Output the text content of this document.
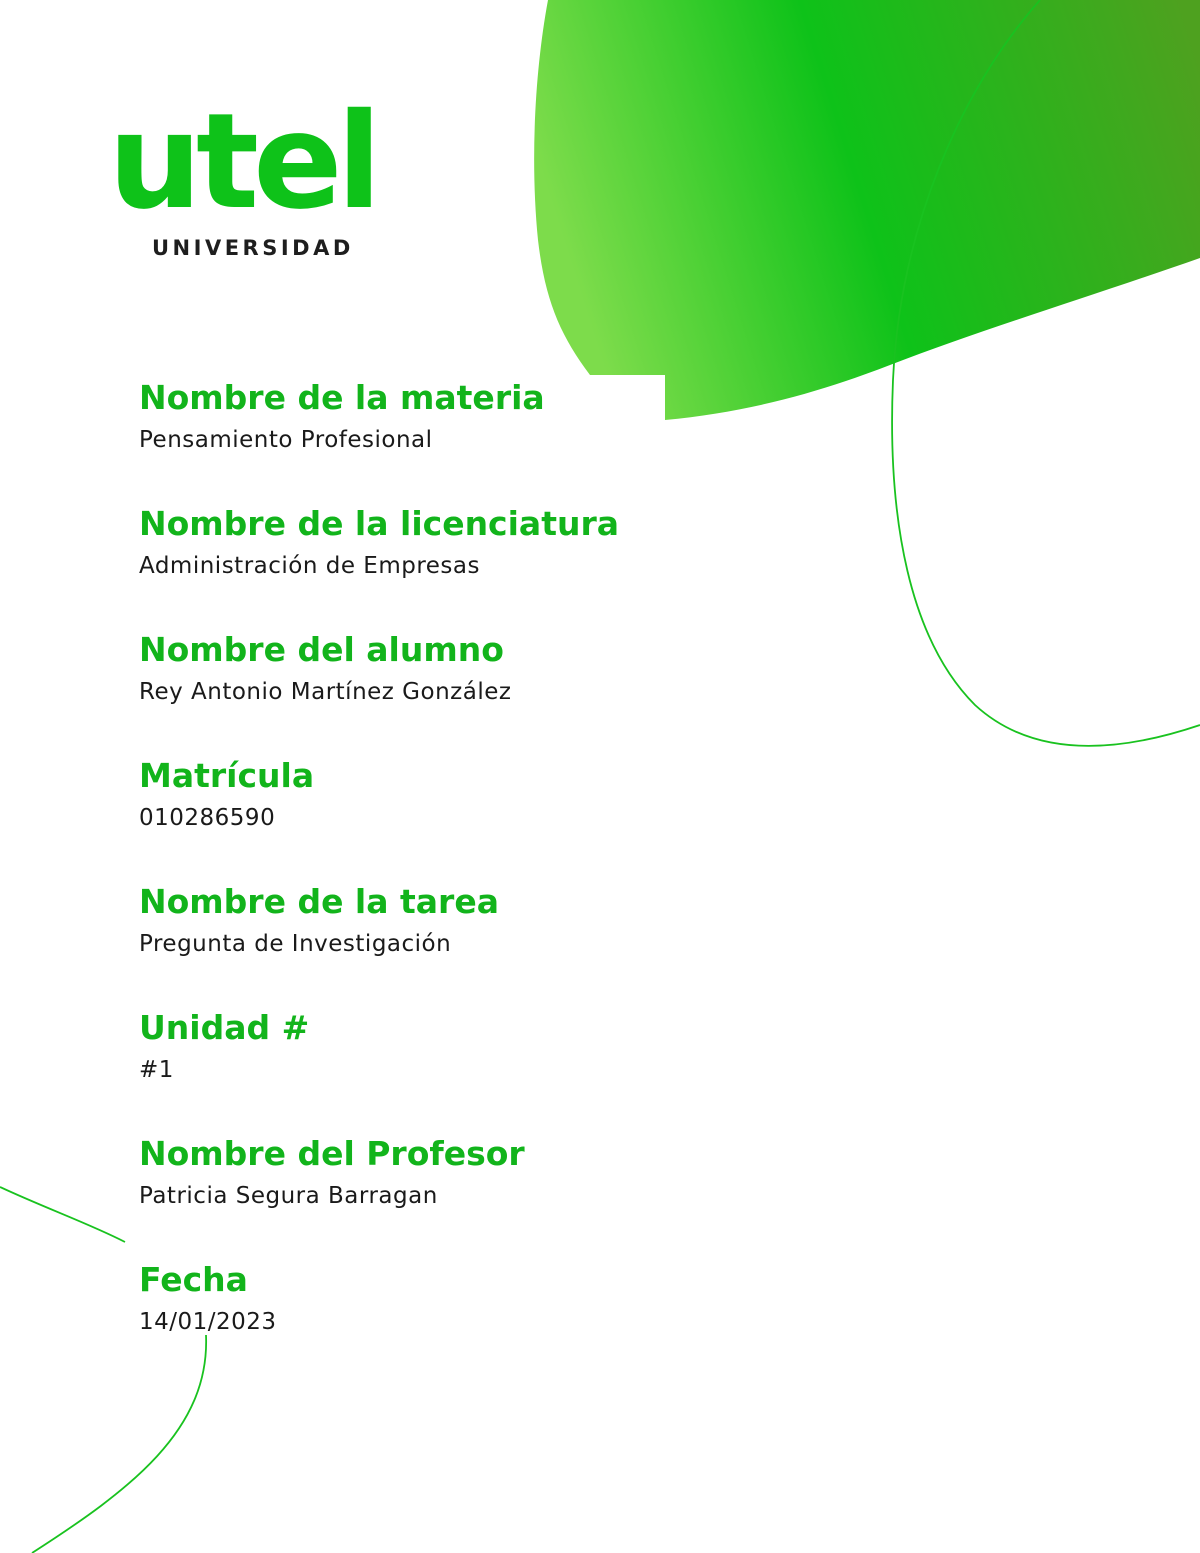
utel
UNIVERSIDAD
Nombre de la materia
Pensamiento Profesional
Nombre de la licenciatura
Administración de Empresas
Nombre del alumno
Rey Antonio Martínez González
Matrícula
010286590
Nombre de la tarea
Pregunta de Investigación
Unidad #
#1
Nombre del Profesor
Patricia Segura Barragan
Fecha
14/01/2023
